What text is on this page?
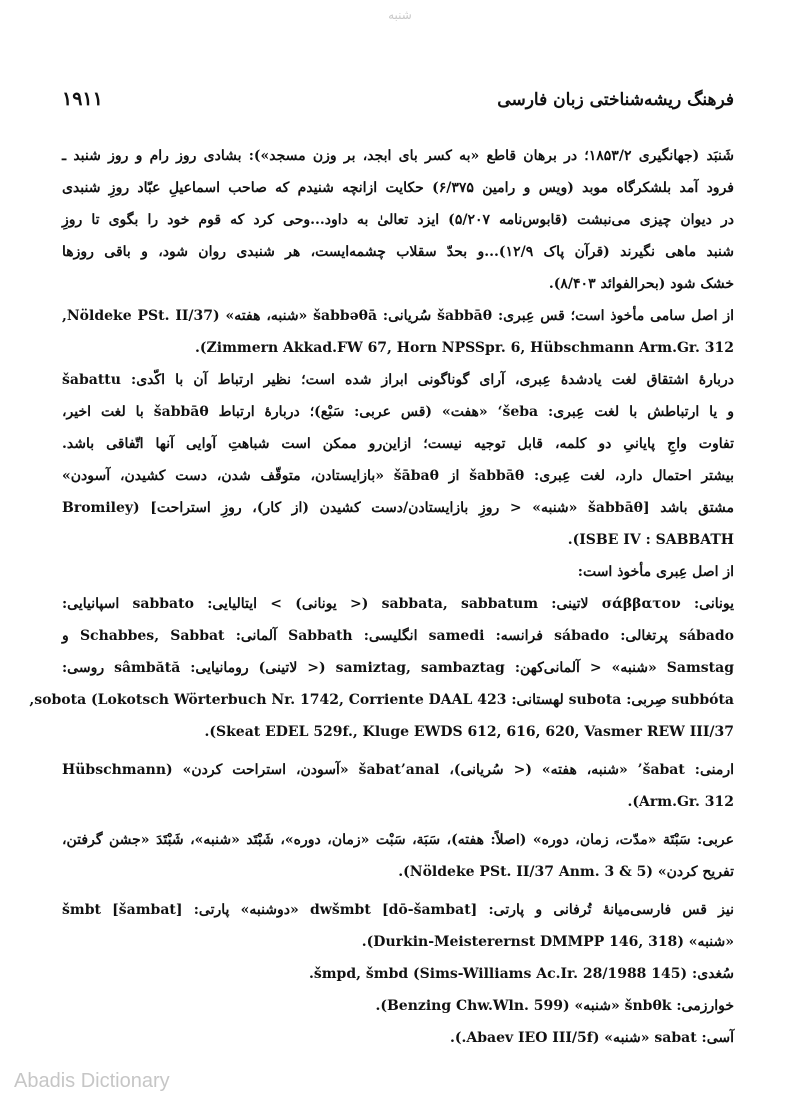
شنبه
فرهنگ ریشه‌شناختی زبان فارسی
۱۹۱۱
شَنبَد (جهانگیری ۱۸۵۳/۲؛ در برهان قاطع «به کسر بای ابجد، بر وزن مسجد»): بشادی روز رام و روز شنبد ـ
فرود آمد بلشکرگاه موبد (ویس و رامین ۶/۳۷۵) حکایت ازانچه شنیدم که صاحب اسماعیلِ عبّاد روزِ شنبدی
در دیوان چیزی می‌نبشت (قابوس‌نامه ۵/۲۰۷) ایزد تعالیٰ به داود...وحی کرد که قوم خود را بگوی تا روزِ
شنبد ماهی نگیرند (قرآن پاک ۱۲/۹)...و بحدّ سقلاب چشمه‌ایست، هر شنبدی روان شود، و باقی روزها
خشک شود (بحرالفوائد ۸/۴۰۳).
از اصل سامی مأخوذ است؛ قس عِبری: šabbāθ سُریانی: šabbəθā «شنبه، هفته» (Nöldeke PSt. II/37,
Zimmern Akkad.FW 67, Horn NPSSpr. 6, Hübschmann Arm.Gr. 312).
دربارهٔ اشتقاق لغت یادشدهٔ عِبری، آرای گوناگونی ابراز شده است؛ نظیر ارتباط آن با اکّدی: šabattu
و یا ارتباطش با لغت عِبری: ʻšeba «هفت» (قس عربی: سَبْع)؛ دربارهٔ ارتباط šabbāθ با لغت اخیر،
تفاوت واجِ پایانیِ دو کلمه، قابل توجیه نیست؛ ازاین‌رو ممکن است شباهتِ آوایی آنها اتّفاقی باشد.
بیشتر احتمال دارد، لغت عِبری: šabbāθ از šābaθ «بازایستادن، متوقّف شدن، دست کشیدن، آسودن»
مشتق باشد [šabbāθ «شنبه» < روزِ بازایستادن/دست کشیدن (از کار)، روزِ استراحت] (Bromiley
ISBE IV : SABBATH).
از اصل عِبری مأخوذ است:
یونانی: σάββατον لاتینی: sabbata, sabbatum (< یونانی) > ایتالیایی: sabbato اسپانیایی:
sábado پرتغالی: sábado فرانسه: samedi انگلیسی: Sabbath آلمانی: Schabbes, Sabbat و
Samstag «شنبه» < آلمانی‌کهن: samiztag, sambaztag (< لاتینی) رومانیایی: sâmbătă روسی:
subbóta صِربی: subota لهستانی: sobota (Lokotsch Wörterbuch Nr. 1742, Corriente DAAL 423,
Skeat EDEL 529f., Kluge EWDS 612, 616, 620, Vasmer REW III/37).
ارمنی: šabat’ «شنبه، هفته» (< سُریانی)، šabat’anal «آسودن، استراحت کردن» (Hübschmann
Arm.Gr. 312).
عربی: سَبْتَة «مدّت، زمان، دوره» (اصلاً: هفته)، سَبَة، سَبْت «زمان، دوره»، شَبْتَد «شنبه»، شَبْتَدَ «جشن گرفتن،
تفریح کردن» (Nöldeke PSt. II/37 Anm. 3 & 5).
نیز قس فارسی‌میانهٔ تُرفانی و پارتی: [dō-šambat] dwšmbt «دوشنبه» پارتی: šmbt [šambat]
«شنبه» (Durkin-Meisterernst DMMPP 146, 318).
سُغدی: šmpd, šmbd (Sims-Williams Ac.Ir. 28/1988 145).
خوارزمی: šnbθk «شنبه» (Benzing Chw.Wln. 599).
آسی: sabat «شنبه» (Abaev IEO III/5f.).
Abadis Dictionary
